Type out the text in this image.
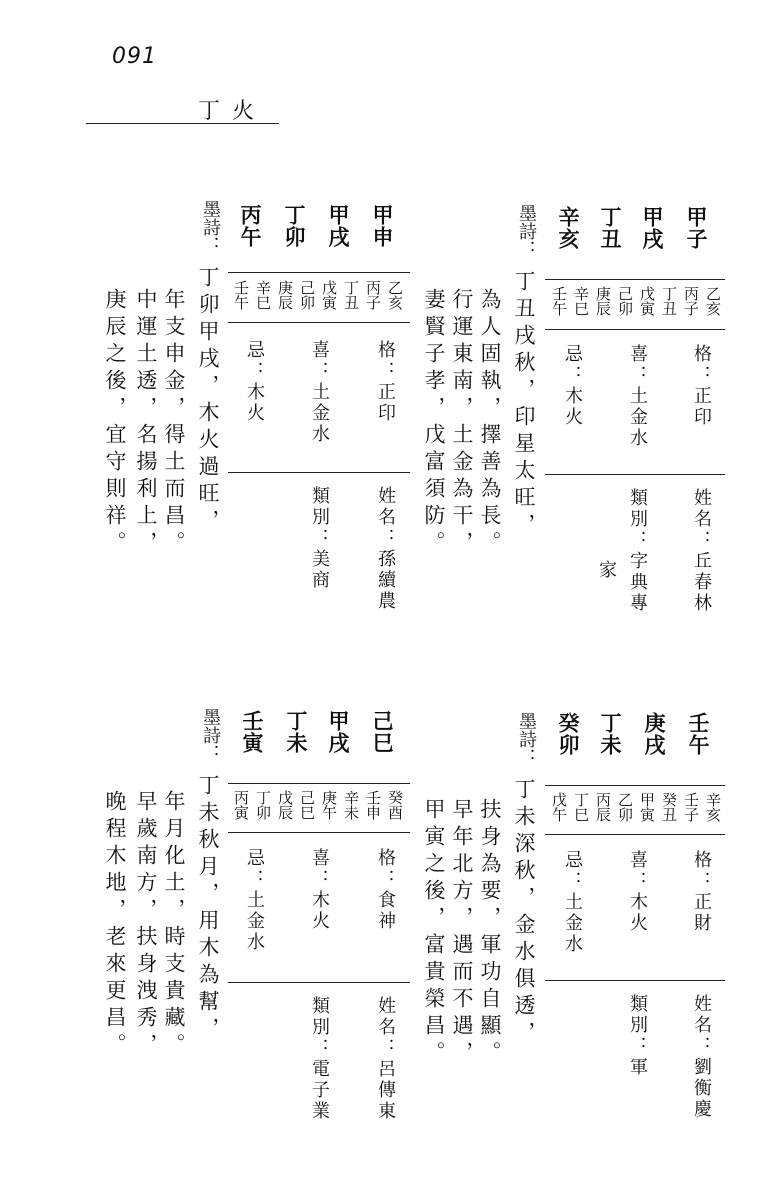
091
丁火
甲子
甲戌
丁丑
辛亥
乙亥
丙子
丁丑
戊寅
己卯
庚辰
辛巳
壬午
格：正印
喜：土金水
忌：木火
姓名：丘春林
類別：字典專
家
墨詩：
丁丑戌秋，印星太旺，
為人固執，擇善為長。
行運東南，土金為干，
妻賢子孝，戊富須防。
甲申
甲戌
丁卯
丙午
乙亥
丙子
丁丑
戊寅
己卯
庚辰
辛巳
壬午
格：正印
喜：土金水
忌：木火
姓名：孫續農
類別：美商
墨詩：
丁卯甲戌，木火過旺，
年支申金，得土而昌。
中運土透，名揚利上，
庚辰之後，宜守則祥。
壬午
庚戌
丁未
癸卯
辛亥
壬子
癸丑
甲寅
乙卯
丙辰
丁巳
戊午
格：正財
喜：木火
忌：土金水
姓名：劉衡慶
類別：軍
墨詩：
丁未深秋，金水俱透，
扶身為要，軍功自顯。
早年北方，遇而不遇，
甲寅之後，富貴榮昌。
己巳
甲戌
丁未
壬寅
癸酉
壬申
辛未
庚午
己巳
戊辰
丁卯
丙寅
格：食神
喜：木火
忌：土金水
姓名：呂傳東
類別：電子業
墨詩：
丁未秋月，用木為幫，
年月化土，時支貴藏。
早歲南方，扶身洩秀，
晚程木地，老來更昌。
